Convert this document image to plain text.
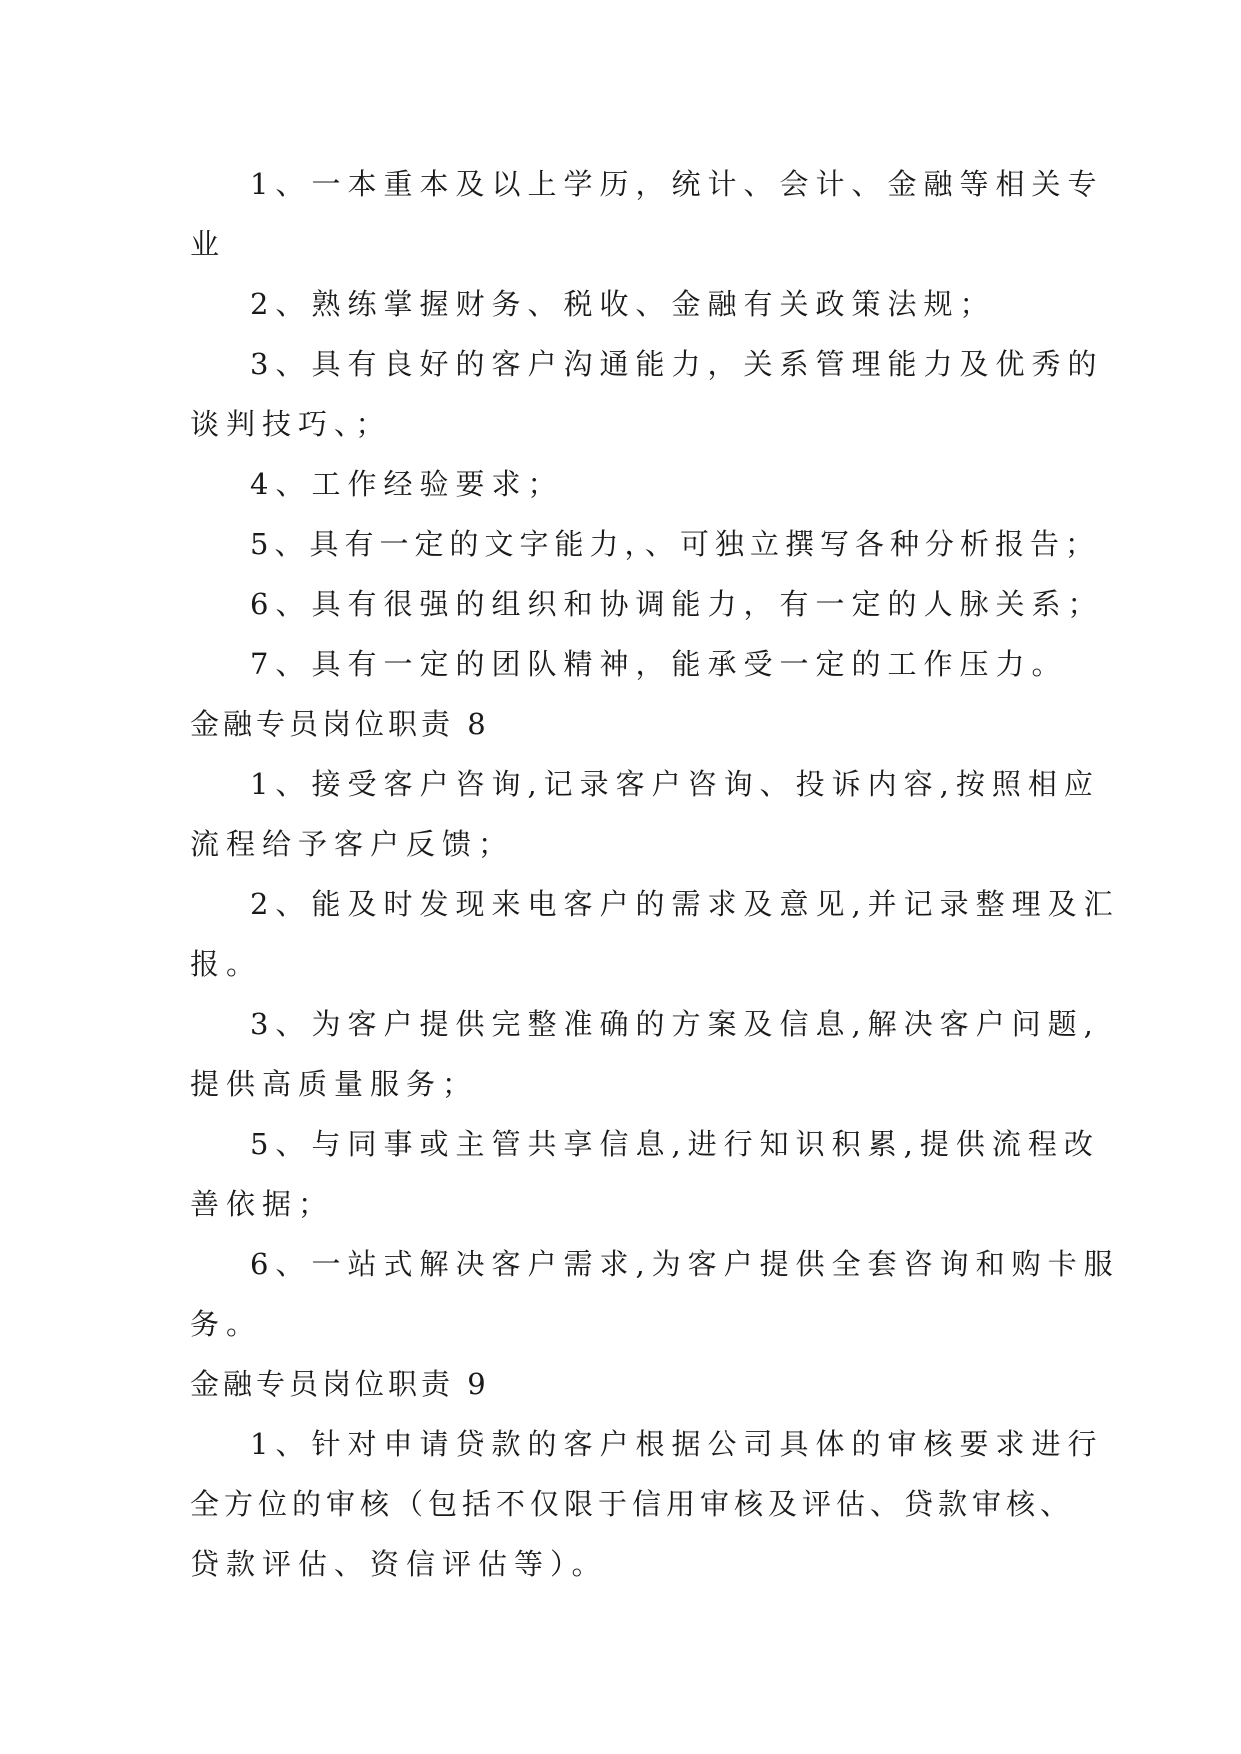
1、一本重本及以上学历，统计、会计、金融等相关专
业
2、熟练掌握财务、税收、金融有关政策法规；
3、具有良好的客户沟通能力，关系管理能力及优秀的
谈判技巧、；
4、工作经验要求；
5、具有一定的文字能力，、可独立撰写各种分析报告；
6、具有很强的组织和协调能力，有一定的人脉关系；
7、具有一定的团队精神，能承受一定的工作压力。
金融专员岗位职责 8
1、接受客户咨询,记录客户咨询、投诉内容,按照相应
流程给予客户反馈；
2、能及时发现来电客户的需求及意见,并记录整理及汇
报。
3、为客户提供完整准确的方案及信息,解决客户问题,
提供高质量服务；
5、与同事或主管共享信息,进行知识积累,提供流程改
善依据；
6、一站式解决客户需求,为客户提供全套咨询和购卡服
务。
金融专员岗位职责 9
1、针对申请贷款的客户根据公司具体的审核要求进行
全方位的审核（包括不仅限于信用审核及评估、贷款审核、
贷款评估、资信评估等）。
